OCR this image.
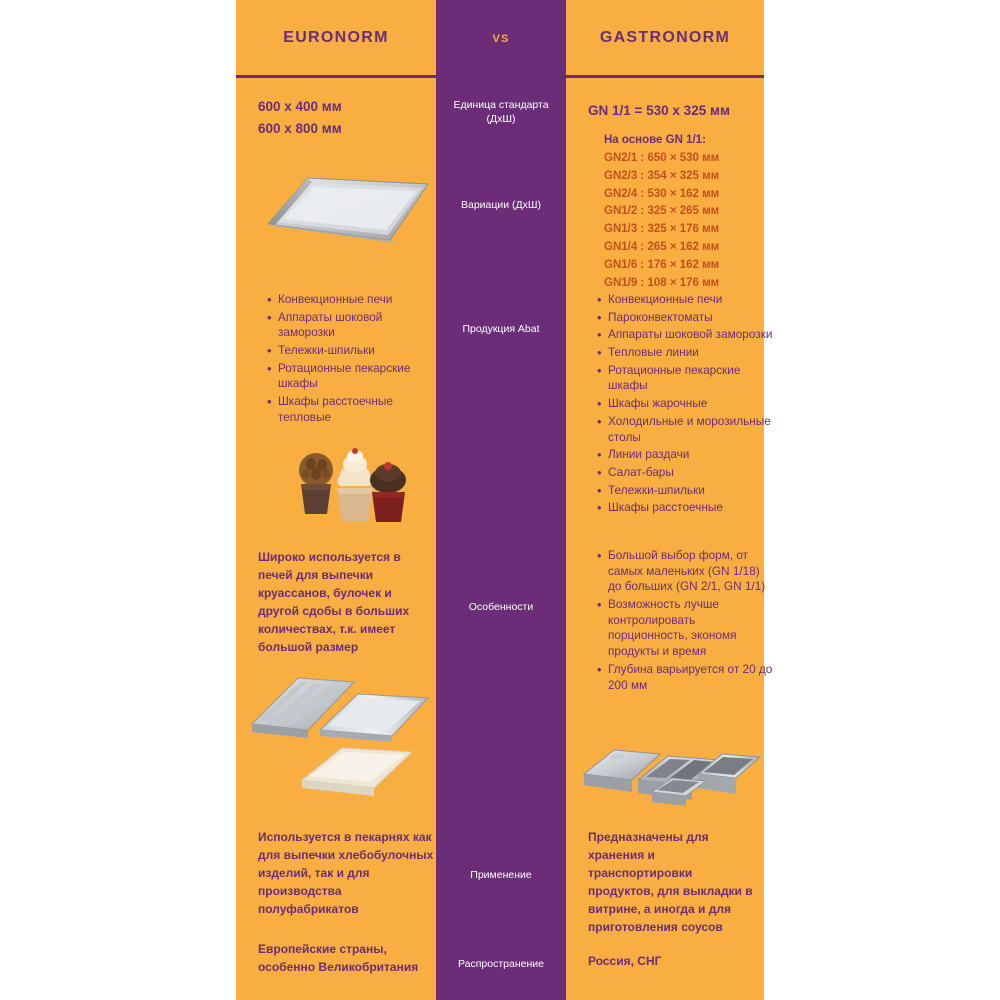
EURONORM
600 x 400 мм
600 x 800 мм
• Конвекционные печи
• Аппараты шоковой заморозки
• Тележки-шпильки
• Ротационные пекарские шкафы
• Шкафы расстоечные тепловые
Широко используется в печей для выпечки круассанов, булочек и другой сдобы в больших количествах, т.к. имеет большой размер
Используется в пекарнях как для выпечки хлебобулочных изделий, так и для производства полуфабрикатов
Европейские страны, особенно Великобритания
VS
Единица стандарта
(ДхШ)
Вариации (ДхШ)
Продукция Abat
Особенности
Применение
Распространение
GASTRONORM
GN 1/1 = 530 x 325 мм
На основе GN 1/1:
GN2/1 : 650 × 530 мм
GN2/3 : 354 × 325 мм
GN2/4 : 530 × 162 мм
GN1/2 : 325 × 265 мм
GN1/3 : 325 × 176 мм
GN1/4 : 265 × 162 мм
GN1/6 : 176 × 162 мм
GN1/9 : 108 × 176 мм
• Конвекционные печи
• Пароконвектоматы
• Аппараты шоковой заморозки
• Тепловые линии
• Ротационные пекарские шкафы
• Шкафы жарочные
• Холодильные и морозильные столы
• Линии раздачи
• Салат-бары
• Тележки-шпильки
• Шкафы расстоечные
• Большой выбор форм, от самых маленьких (GN 1/18) до больших (GN 2/1, GN 1/1)
• Возможность лучше контролировать порционность, экономя продукты и время
• Глубина варьируется от 20 до 200 мм
Предназначены для хранения и транспортировки продуктов, для выкладки в витрине, а иногда и для приготовления соусов
Россия, СНГ
